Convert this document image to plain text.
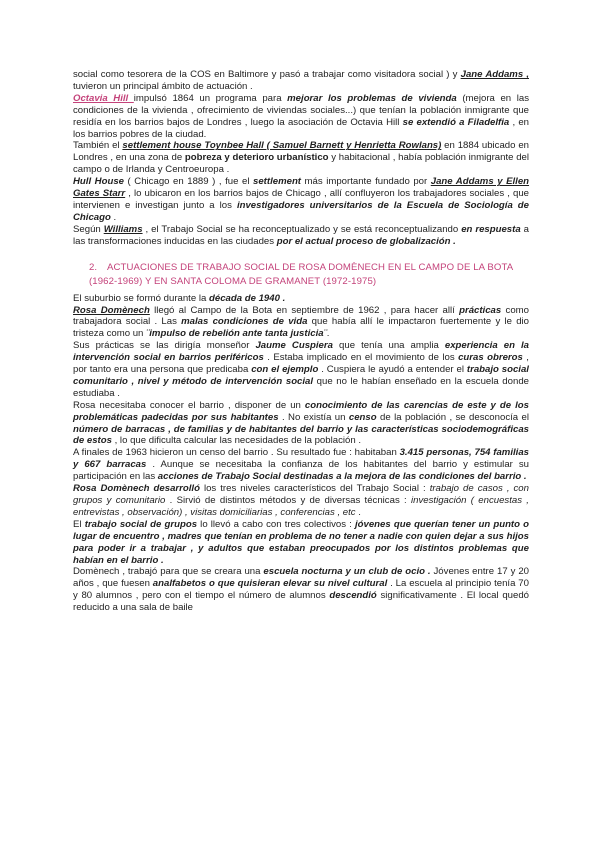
social como tesorera de la COS en Baltimore y pasó a trabajar como visitadora social ) y Jane Addams , tuvieron un principal ámbito de actuación .

Octavia Hill impulsó 1864 un programa para mejorar los problemas de vivienda (mejora en las condiciones de la vivienda , ofrecimiento de viviendas sociales...) que tenían la población inmigrante que residía en los barrios bajos de Londres , luego la asociación de Octavia Hill se extendió a Filadelfia , en los barrios pobres de la ciudad.

También el settlement house Toynbee Hall ( Samuel Barnett y Henrietta Rowlans) en 1884 ubicado en Londres , en una zona de pobreza y deterioro urbanístico y habitacional , había población inmigrante del campo o de Irlanda y Centroeuropa .

Hull House ( Chicago en 1889 ) , fue el settlement más importante fundado por Jane Addams y Ellen Gates Starr , lo ubicaron en los barrios bajos de Chicago , allí confluyeron los trabajadores sociales , que intervienen e investigan junto a los investigadores universitarios de la Escuela de Sociología de Chicago .

Según Williams , el Trabajo Social se ha reconceptualizado y se está reconceptualizando en respuesta a las transformaciones inducidas en las ciudades por el actual proceso de globalización .

2. ACTUACIONES DE TRABAJO SOCIAL DE ROSA DOMÈNECH EN EL CAMPO DE LA BOTA (1962-1969) Y EN SANTA COLOMA DE GRAMANET (1972-1975)

El suburbio se formó durante la década de 1940 .

Rosa Domènech llegó al Campo de la Bota en septiembre de 1962 , para hacer allí prácticas como trabajadora social . Las malas condiciones de vida que había allí le impactaron fuertemente y le dio tristeza como un ¨impulso de rebelión ante tanta justicia¨.

Sus prácticas se las dirigía monseñor Jaume Cuspiera que tenía una amplia experiencia en la intervención social en barrios periféricos . Estaba implicado en el movimiento de los curas obreros , por tanto era una persona que predicaba con el ejemplo . Cuspiera le ayudó a entender el trabajo social comunitario , nivel y método de intervención social que no le habían enseñado en la escuela donde estudiaba .

Rosa necesitaba conocer el barrio , disponer de un conocimiento de las carencias de este y de los problemáticas padecidas por sus habitantes . No existía un censo de la población , se desconocía el número de barracas , de familias y de habitantes del barrio y las características sociodemográficas de estos , lo que dificulta calcular las necesidades de la población .

A finales de 1963 hicieron un censo del barrio . Su resultado fue : habitaban 3.415 personas, 754 familias y 667 barracas . Aunque se necesitaba la confianza de los habitantes del barrio y estimular su participación en las acciones de Trabajo Social destinadas a la mejora de las condiciones del barrio .

Rosa Domènech desarrolló los tres niveles característicos del Trabajo Social : trabajo de casos , con grupos y comunitario . Sirvió de distintos métodos y de diversas técnicas : investigación ( encuestas , entrevistas , observación) , visitas domiciliarias , conferencias , etc .

El trabajo social de grupos lo llevó a cabo con tres colectivos : jóvenes que querían tener un punto o lugar de encuentro , madres que tenían en problema de no tener a nadie con quien dejar a sus hijos para poder ir a trabajar , y adultos que estaban preocupados por los distintos problemas que habían en el barrio .

Domènech , trabajó para que se creara una escuela nocturna y un club de ocio . Jóvenes entre 17 y 20 años , que fuesen analfabetos o que quisieran elevar su nivel cultural . La escuela al principio tenía 70 y 80 alumnos , pero con el tiempo el número de alumnos descendió significativamente . El local quedó reducido a una sala de baile
